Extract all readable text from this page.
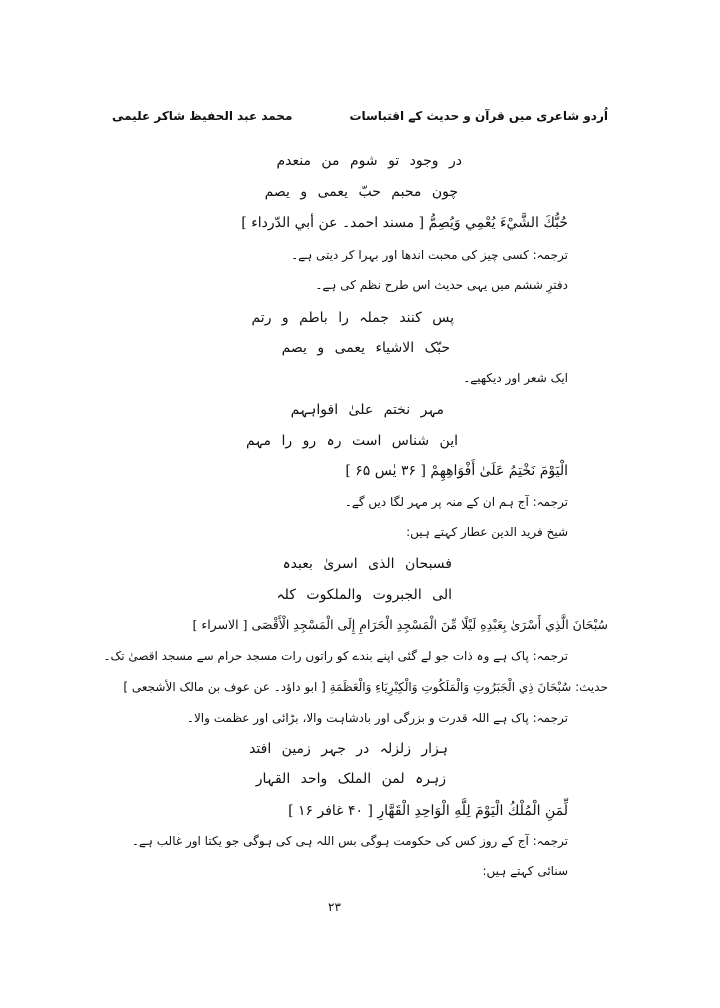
اُردو شاعری میں قرآن و حدیث کے اقتباسات
محمد عبد الحفیظ شاکر علیمی
در وجود تو شوم من منعدم
چون محبم حبّ یعمی و یصم
حُبُّكَ الشَّيْءَ يُعْمِي وَيُصِمُّ [ مسند احمد۔ عن أبي الدّرداء ]
ترجمہ: کسی چیز کی محبت اندھا اور بہرا کر دیتی ہے۔
دفترِ ششم میں یہی حدیث اس طرح نظم کی ہے۔
پس کنند جملہ را باطم و رتم
حبّک الاشیاء یعمی و یصم
ایک شعر اور دیکھیے۔
مہر نختم علیٰ افواہہم
این شناس است رہ رو را مہم
الْيَوْمَ نَخْتِمُ عَلَىٰ أَفْوَاهِهِمْ [ ۳۶ یٰس ۶۵ ]
ترجمہ: آج ہم ان کے منہ پر مہر لگا دیں گے۔
شیخ فرید الدین عطار کہتے ہیں:
فسبحان الذی اسریٰ بعبدہ
الی الجبروت والملکوت کلہ
سُبْحَانَ الَّذِي أَسْرَىٰ بِعَبْدِهِ لَيْلًا مِّنَ الْمَسْجِدِ الْحَرَامِ إِلَى الْمَسْجِدِ الْأَقْصَى [ الاسراء ]
ترجمہ: پاک ہے وہ ذات جو لے گئی اپنے بندے کو راتوں رات مسجد حرام سے مسجد اقصیٰ تک۔
حدیث: سُبْحَانَ ذِي الْجَبَرُوتِ وَالْمَلَكُوتِ وَالْكِبْرِيَاءِ وَالْعَظَمَةِ [ ابو داؤد۔ عن عوف بن مالک الأشجعی ]
ترجمہ: پاک ہے اللہ قدرت و بزرگی اور بادشاہت والا، بڑائی اور عظمت والا۔
ہزار زلزلہ در جہر زمین افتد
زہرہ لمن الملک واحد القہار
لِّمَنِ الْمُلْكُ الْيَوْمَ لِلَّهِ الْوَاحِدِ الْقَهَّارِ [ ۴۰ غافر ۱۶ ]
ترجمہ: آج کے روز کس کی حکومت ہوگی بس اللہ ہی کی ہوگی جو یکتا اور غالب ہے۔
سنائی کہتے ہیں:
۲۳
